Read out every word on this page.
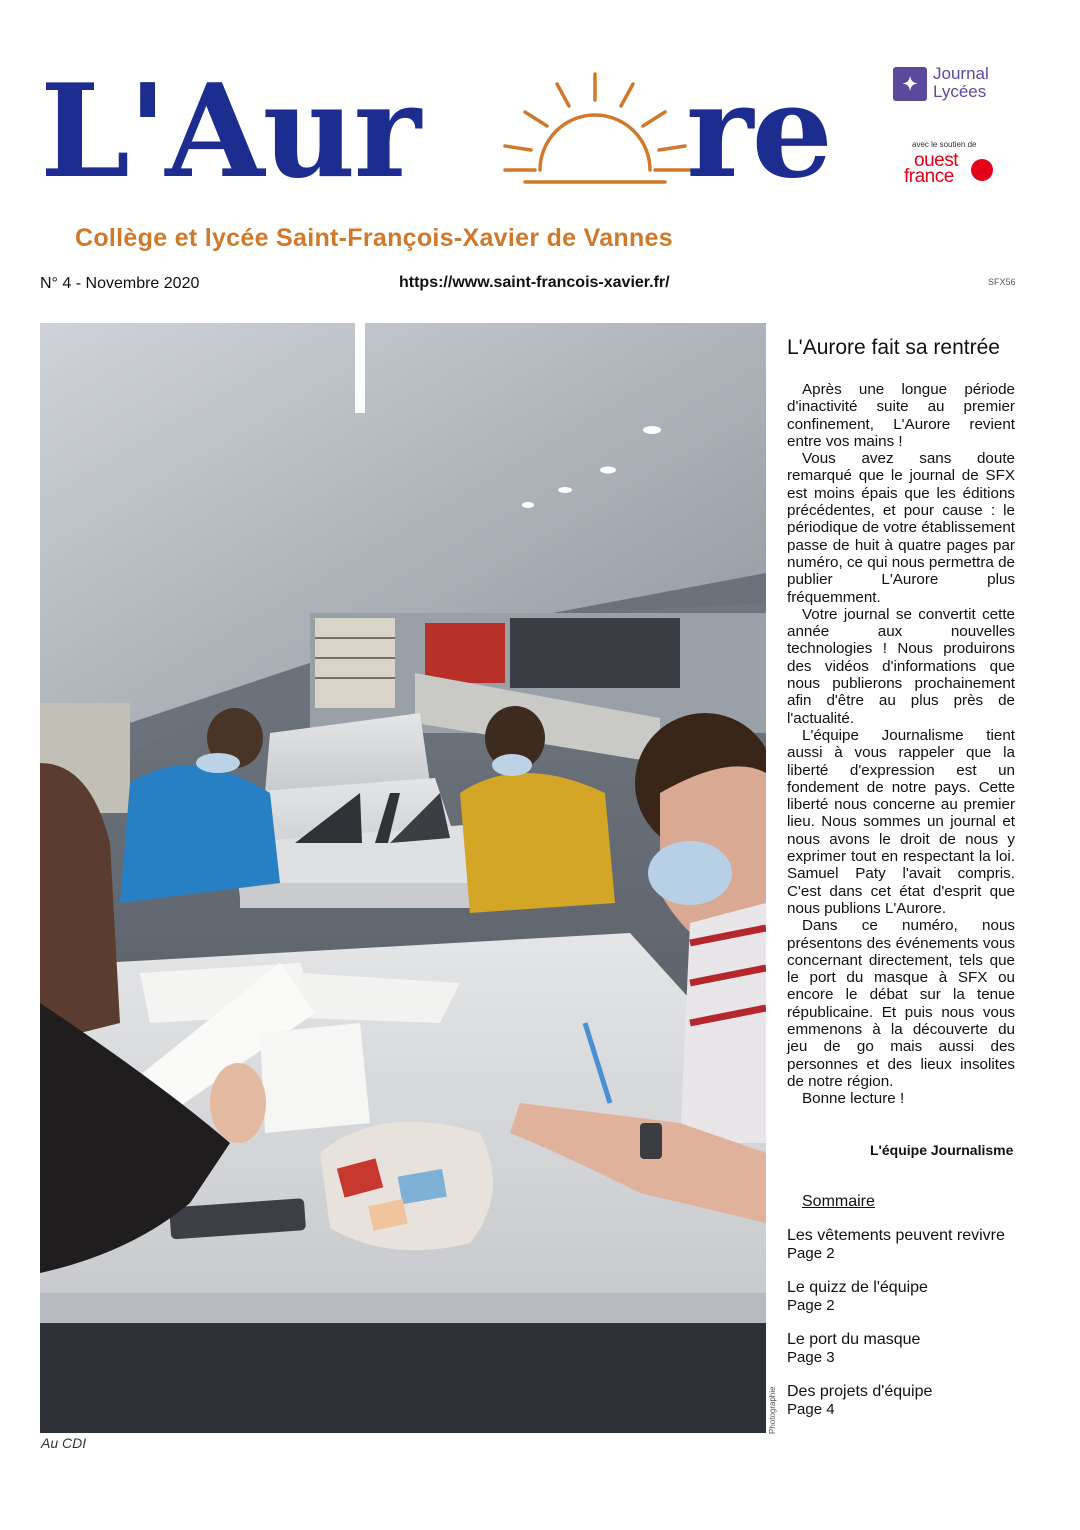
L'Aur re
Collège et lycée Saint-François-Xavier de Vannes
✦
Journal
Lycées
avec le soutien de
ouest
france
N° 4 - Novembre 2020	https://www.saint-francois-xavier.fr/	SFX56
Photographie
Au CDI
L'Aurore fait sa rentrée

Après une longue période d'inactivité suite au premier confinement, L'Aurore revient entre vos mains !

Vous avez sans doute remarqué que le journal de SFX est moins épais que les éditions précédentes, et pour cause : le périodique de votre établissement passe de huit à quatre pages par numéro, ce qui nous permettra de publier L'Aurore plus fréquemment.

Votre journal se convertit cette année aux nouvelles technologies ! Nous produirons des vidéos d'informations que nous publierons prochainement afin d'être au plus près de l'actualité.

L'équipe Journalisme tient aussi à vous rappeler que la liberté d'expression est un fondement de notre pays. Cette liberté nous concerne au premier lieu. Nous sommes un journal et nous avons le droit de nous y exprimer tout en respectant la loi. Samuel Paty l'avait compris. C'est dans cet état d'esprit que nous publions L'Aurore.

Dans ce numéro, nous présentons des événements vous concernant directement, tels que le port du masque à SFX ou encore le débat sur la tenue républicaine. Et puis nous vous emmenons à la découverte du jeu de go mais aussi des personnes et des lieux insolites de notre région.

Bonne lecture !

L'équipe Journalisme
Sommaire
Les vêtements peuvent revivre
Page 2
Le quizz de l'équipe
Page 2
Le port du masque
Page 3
Des projets d'équipe
Page 4
